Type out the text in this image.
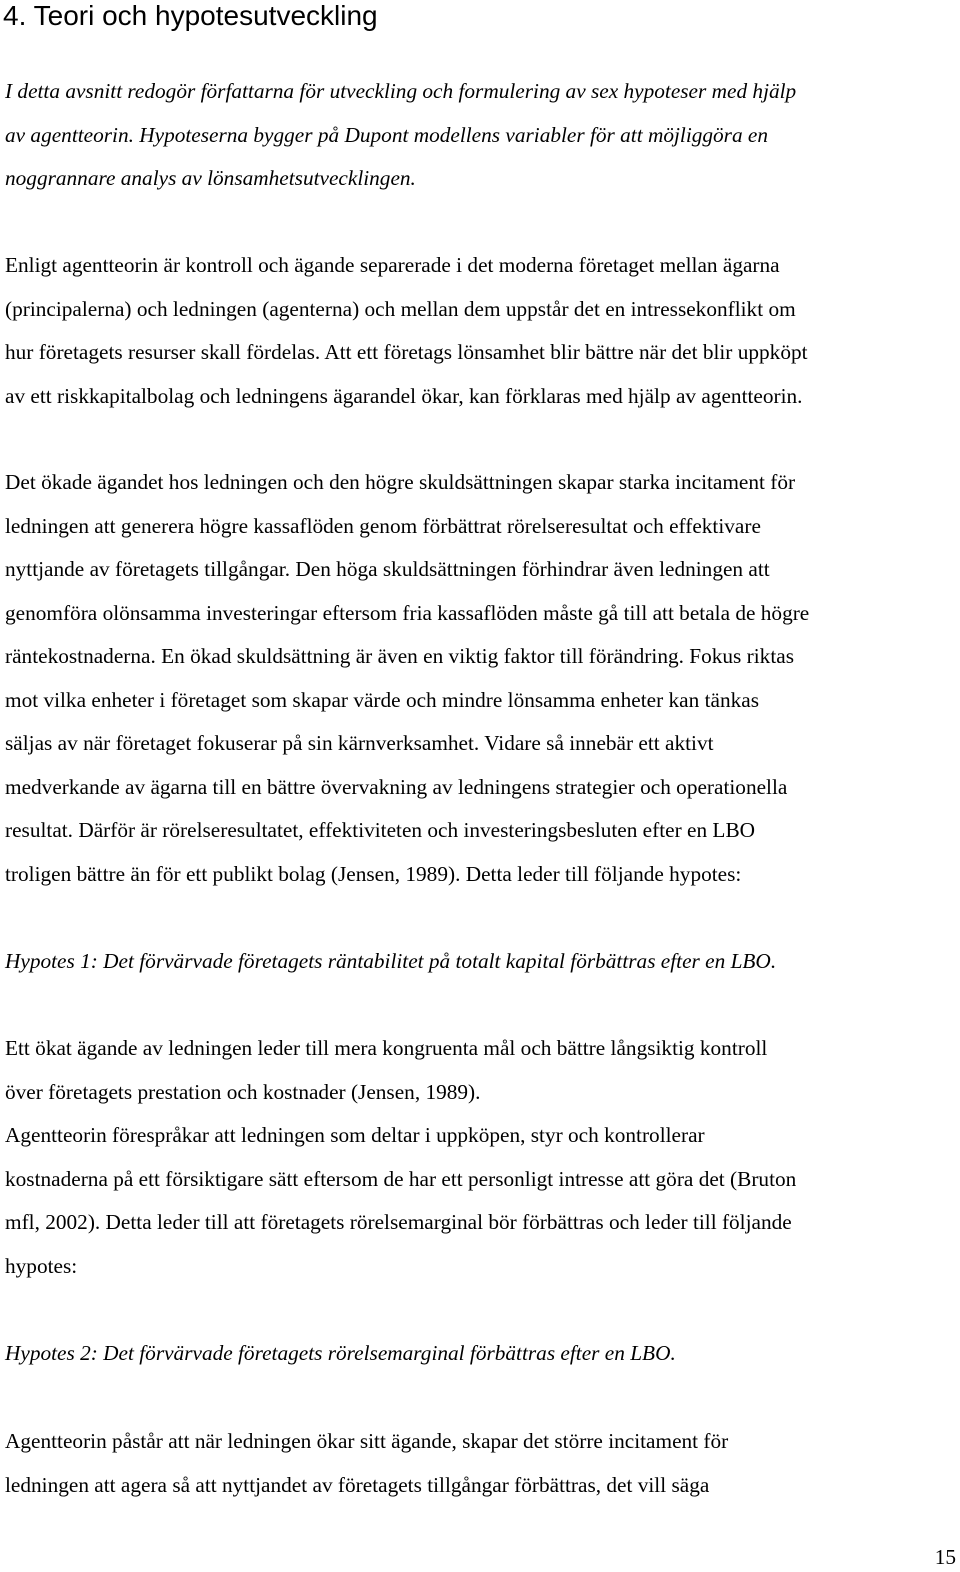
4. Teori och hypotesutveckling
I detta avsnitt redogör författarna för utveckling och formulering av sex hypoteser med hjälp
av agentteorin. Hypoteserna bygger på Dupont modellens variabler för att möjliggöra en
noggrannare analys av lönsamhetsutvecklingen.
Enligt agentteorin är kontroll och ägande separerade i det moderna företaget mellan ägarna
(principalerna) och ledningen (agenterna) och mellan dem uppstår det en intressekonflikt om
hur företagets resurser skall fördelas. Att ett företags lönsamhet blir bättre när det blir uppköpt
av ett riskkapitalbolag och ledningens ägarandel ökar, kan förklaras med hjälp av agentteorin.
Det ökade ägandet hos ledningen och den högre skuldsättningen skapar starka incitament för
ledningen att generera högre kassaflöden genom förbättrat rörelseresultat och effektivare
nyttjande av företagets tillgångar. Den höga skuldsättningen förhindrar även ledningen att
genomföra olönsamma investeringar eftersom fria kassaflöden måste gå till att betala de högre
räntekostnaderna. En ökad skuldsättning är även en viktig faktor till förändring. Fokus riktas
mot vilka enheter i företaget som skapar värde och mindre lönsamma enheter kan tänkas
säljas av när företaget fokuserar på sin kärnverksamhet. Vidare så innebär ett aktivt
medverkande av ägarna till en bättre övervakning av ledningens strategier och operationella
resultat. Därför är rörelseresultatet, effektiviteten och investeringsbesluten efter en LBO
troligen bättre än för ett publikt bolag (Jensen, 1989). Detta leder till följande hypotes:
Hypotes 1: Det förvärvade företagets räntabilitet på totalt kapital förbättras efter en LBO.
Ett ökat ägande av ledningen leder till mera kongruenta mål och bättre långsiktig kontroll
över företagets prestation och kostnader (Jensen, 1989).
Agentteorin förespråkar att ledningen som deltar i uppköpen, styr och kontrollerar
kostnaderna på ett försiktigare sätt eftersom de har ett personligt intresse att göra det (Bruton
mfl, 2002). Detta leder till att företagets rörelsemarginal bör förbättras och leder till följande
hypotes:
Hypotes 2: Det förvärvade företagets rörelsemarginal förbättras efter en LBO.
Agentteorin påstår att när ledningen ökar sitt ägande, skapar det större incitament för
ledningen att agera så att nyttjandet av företagets tillgångar förbättras, det vill säga
15
